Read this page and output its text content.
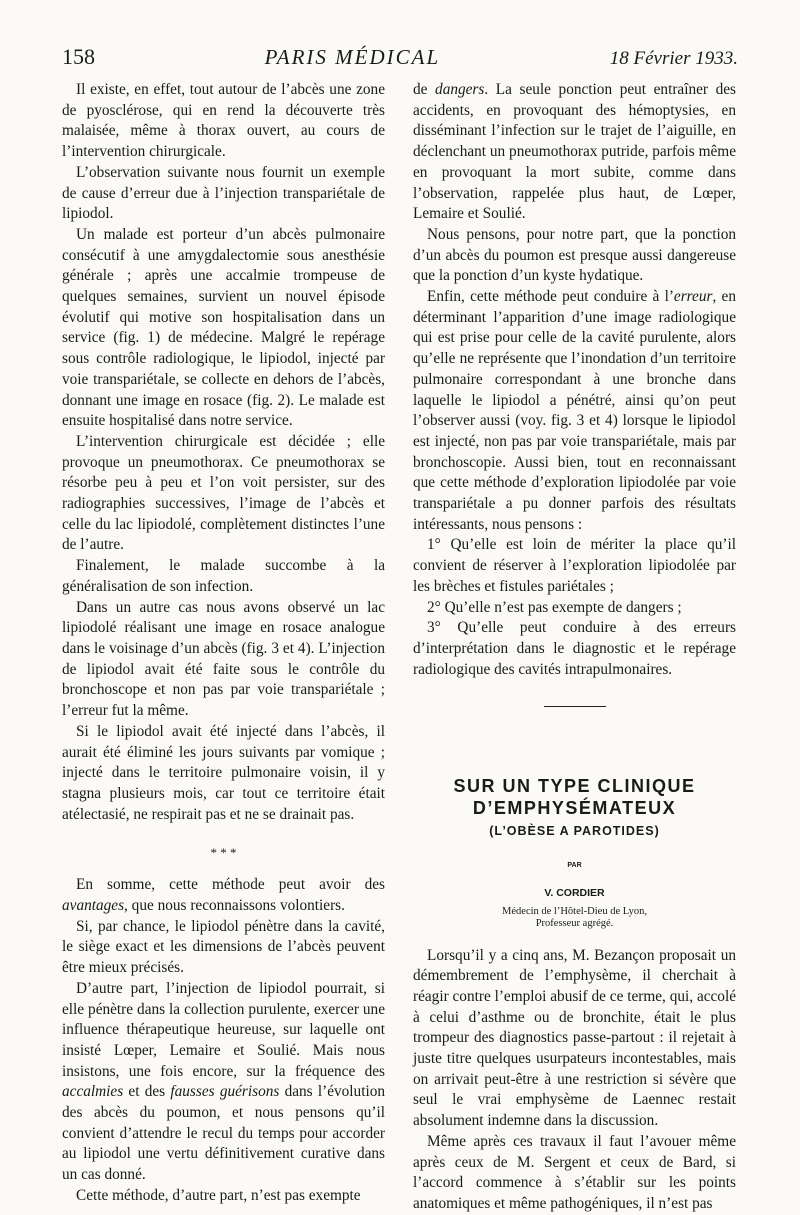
158	PARIS MÉDICAL	18 Février 1933.

Il existe, en effet, tout autour de l’abcès une zone de pyosclérose, qui en rend la découverte très malaisée, même à thorax ouvert, au cours de l’intervention chirurgicale.

L’observation suivante nous fournit un exemple de cause d’erreur due à l’injection transpariétale de lipiodol.

Un malade est porteur d’un abcès pulmonaire consécutif à une amygdalectomie sous anesthésie générale ; après une accalmie trompeuse de quelques semaines, survient un nouvel épisode évolutif qui motive son hospitalisation dans un service (fig. 1) de médecine. Malgré le repérage sous contrôle radiologique, le lipiodol, injecté par voie transpariétale, se collecte en dehors de l’abcès, donnant une image en rosace (fig. 2). Le malade est ensuite hospitalisé dans notre service.

L’intervention chirurgicale est décidée ; elle provoque un pneumothorax. Ce pneumothorax se résorbe peu à peu et l’on voit persister, sur des radiographies successives, l’image de l’abcès et celle du lac lipiodolé, complètement distinctes l’une de l’autre.

Finalement, le malade succombe à la généralisation de son infection.

Dans un autre cas nous avons observé un lac lipiodolé réalisant une image en rosace analogue dans le voisinage d’un abcès (fig. 3 et 4). L’injection de lipiodol avait été faite sous le contrôle du bronchoscope et non pas par voie transpariétale ; l’erreur fut la même.

Si le lipiodol avait été injecté dans l’abcès, il aurait été éliminé les jours suivants par vomique ; injecté dans le territoire pulmonaire voisin, il y stagna plusieurs mois, car tout ce territoire était atélectasié, ne respirait pas et ne se drainait pas.

* * *

En somme, cette méthode peut avoir des avantages, que nous reconnaissons volontiers.

Si, par chance, le lipiodol pénètre dans la cavité, le siège exact et les dimensions de l’abcès peuvent être mieux précisés.

D’autre part, l’injection de lipiodol pourrait, si elle pénètre dans la collection purulente, exercer une influence thérapeutique heureuse, sur laquelle ont insisté Lœper, Lemaire et Soulié. Mais nous insistons, une fois encore, sur la fréquence des accalmies et des fausses guérisons dans l’évolution des abcès du poumon, et nous pensons qu’il convient d’attendre le recul du temps pour accorder au lipiodol une vertu définitivement curative dans un cas donné.

Cette méthode, d’autre part, n’est pas exempte

de dangers. La seule ponction peut entraîner des accidents, en provoquant des hémoptysies, en disséminant l’infection sur le trajet de l’aiguille, en déclenchant un pneumothorax putride, parfois même en provoquant la mort subite, comme dans l’observation, rappelée plus haut, de Lœper, Lemaire et Soulié.

Nous pensons, pour notre part, que la ponction d’un abcès du poumon est presque aussi dangereuse que la ponction d’un kyste hydatique.

Enfin, cette méthode peut conduire à l’erreur, en déterminant l’apparition d’une image radiologique qui est prise pour celle de la cavité purulente, alors qu’elle ne représente que l’inondation d’un territoire pulmonaire correspondant à une bronche dans laquelle le lipiodol a pénétré, ainsi qu’on peut l’observer aussi (voy. fig. 3 et 4) lorsque le lipiodol est injecté, non pas par voie transpariétale, mais par bronchoscopie. Aussi bien, tout en reconnaissant que cette méthode d’exploration lipiodolée par voie transpariétale a pu donner parfois des résultats intéressants, nous pensons :

1° Qu’elle est loin de mériter la place qu’il convient de réserver à l’exploration lipiodolée par les brèches et fistules pariétales ;

2° Qu’elle n’est pas exempte de dangers ;

3° Qu’elle peut conduire à des erreurs d’interprétation dans le diagnostic et le repérage radiologique des cavités intrapulmonaires.

SUR UN TYPE CLINIQUE
D’EMPHYSÉMATEUX
(L’OBÈSE A PAROTIDES)
PAR
V. CORDIER
Médecin de l’Hôtel-Dieu de Lyon,
Professeur agrégé.

Lorsqu’il y a cinq ans, M. Bezançon proposait un démembrement de l’emphysème, il cherchait à réagir contre l’emploi abusif de ce terme, qui, accolé à celui d’asthme ou de bronchite, était le plus trompeur des diagnostics passe-partout : il rejetait à juste titre quelques usurpateurs incontestables, mais on arrivait peut-être à une restriction si sévère que seul le vrai emphysème de Laennec restait absolument indemne dans la discussion.

Même après ces travaux il faut l’avouer même après ceux de M. Sergent et ceux de Bard, si l’accord commence à s’établir sur les points anatomiques et même pathogéniques, il n’est pas
